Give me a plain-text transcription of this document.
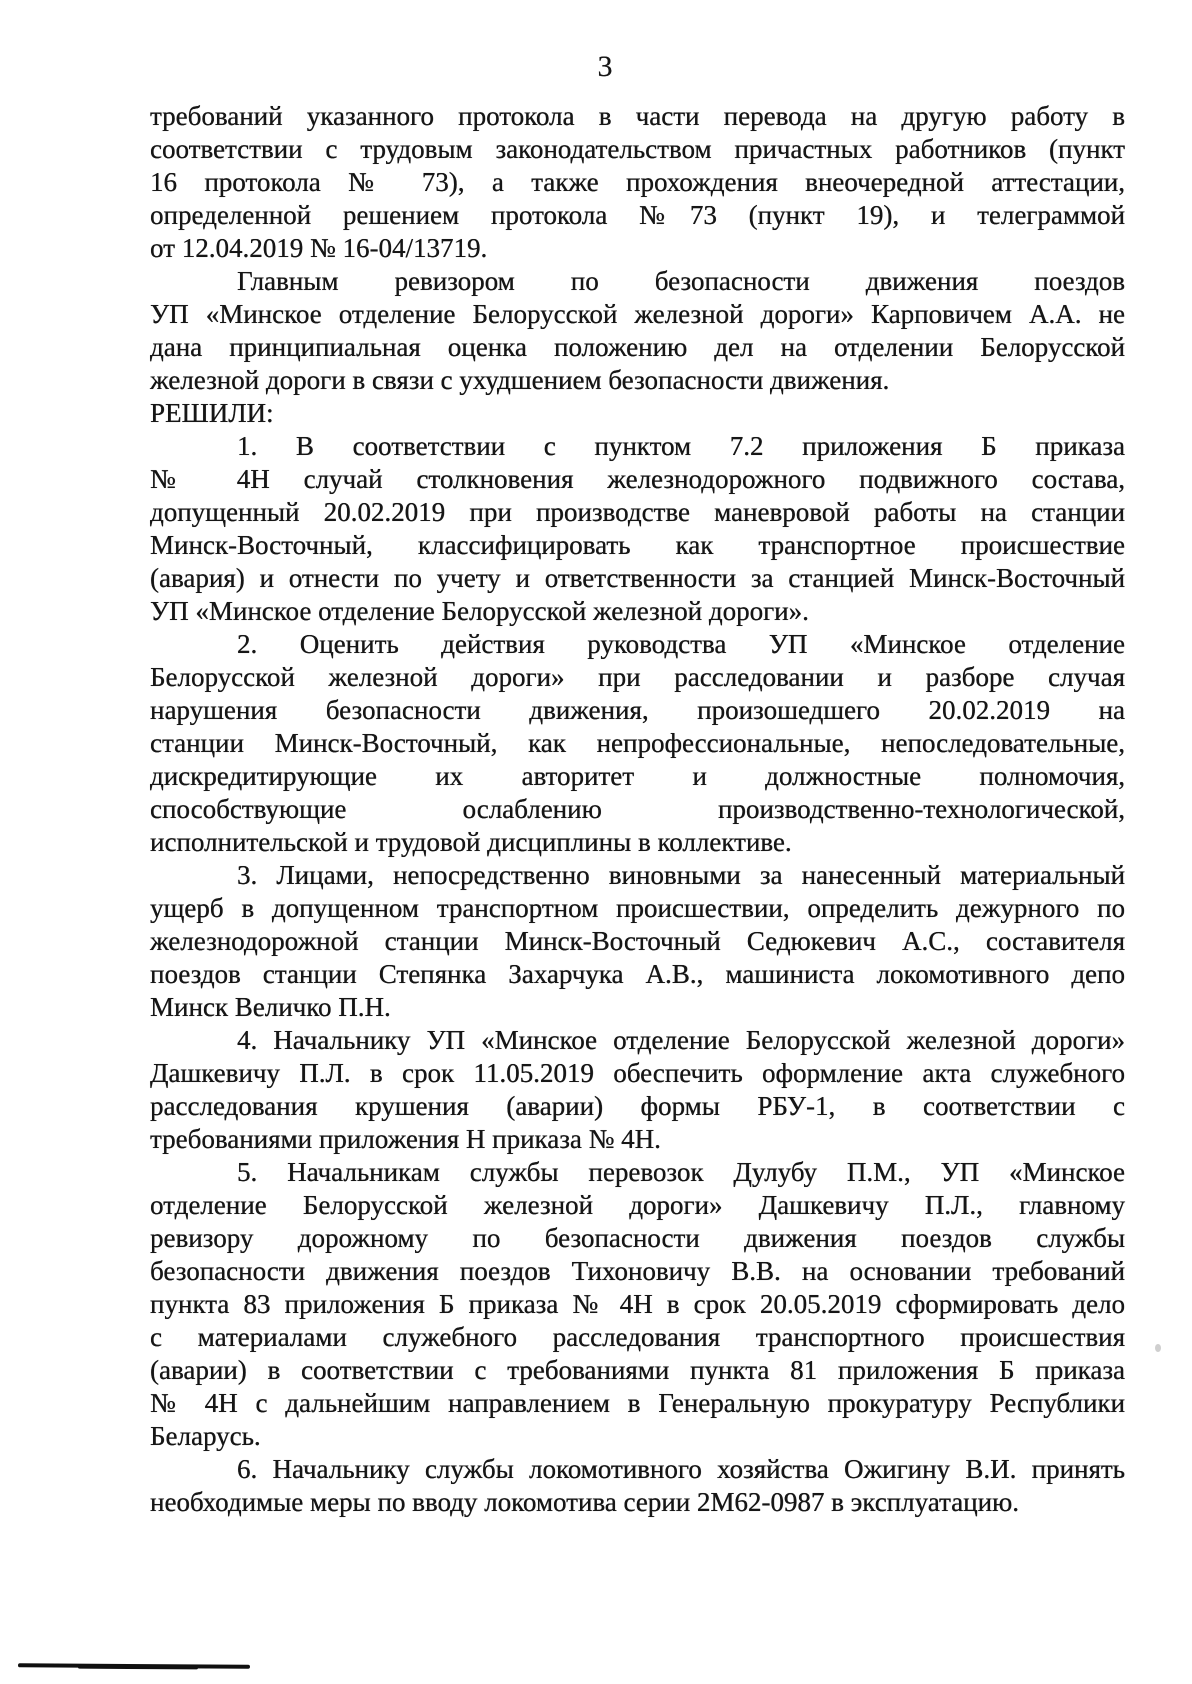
3
требований указанного протокола в части перевода на другую работу в
соответствии с трудовым законодательством причастных работников (пункт
16 протокола № 73), а также прохождения внеочередной аттестации,
определенной решением протокола №73 (пункт 19), и телеграммой
от 12.04.2019 № 16-04/13719.
Главным ревизором по безопасности движения поездов
УП «Минское отделение Белорусской железной дороги» Карповичем А.А. не
дана принципиальная оценка положению дел на отделении Белорусской
железной дороги в связи с ухудшением безопасности движения.
РЕШИЛИ:
1. В соответствии с пунктом 7.2 приложения Б приказа
№ 4Н случай столкновения железнодорожного подвижного состава,
допущенный 20.02.2019 при производстве маневровой работы на станции
Минск-Восточный, классифицировать как транспортное происшествие
(авария) и отнести по учету и ответственности за станцией Минск-Восточный
УП «Минское отделение Белорусской железной дороги».
2. Оценить действия руководства УП «Минское отделение
Белорусской железной дороги» при расследовании и разборе случая
нарушения безопасности движения, произошедшего 20.02.2019 на
станции Минск-Восточный, как непрофессиональные, непоследовательные,
дискредитирующие их авторитет и должностные полномочия,
способствующие ослаблению производственно-технологической,
исполнительской и трудовой дисциплины в коллективе.
3. Лицами, непосредственно виновными за нанесенный материальный
ущерб в допущенном транспортном происшествии, определить дежурного по
железнодорожной станции Минск-Восточный Седюкевич А.С., составителя
поездов станции Степянка Захарчука А.В., машиниста локомотивного депо
Минск Величко П.Н.
4. Начальнику УП «Минское отделение Белорусской железной дороги»
Дашкевичу П.Л. в срок 11.05.2019 обеспечить оформление акта служебного
расследования крушения (аварии) формы РБУ-1, в соответствии с
требованиями приложения Н приказа № 4Н.
5. Начальникам службы перевозок Дулубу П.М., УП «Минское
отделение Белорусской железной дороги» Дашкевичу П.Л., главному
ревизору дорожному по безопасности движения поездов службы
безопасности движения поездов Тихоновичу В.В. на основании требований
пункта 83 приложения Б приказа № 4Н в срок 20.05.2019 сформировать дело
с материалами служебного расследования транспортного происшествия
(аварии) в соответствии с требованиями пункта 81 приложения Б приказа
№ 4Н с дальнейшим направлением в Генеральную прокуратуру Республики
Беларусь.
6. Начальнику службы локомотивного хозяйства Ожигину В.И. принять
необходимые меры по вводу локомотива серии 2М62-0987 в эксплуатацию.
